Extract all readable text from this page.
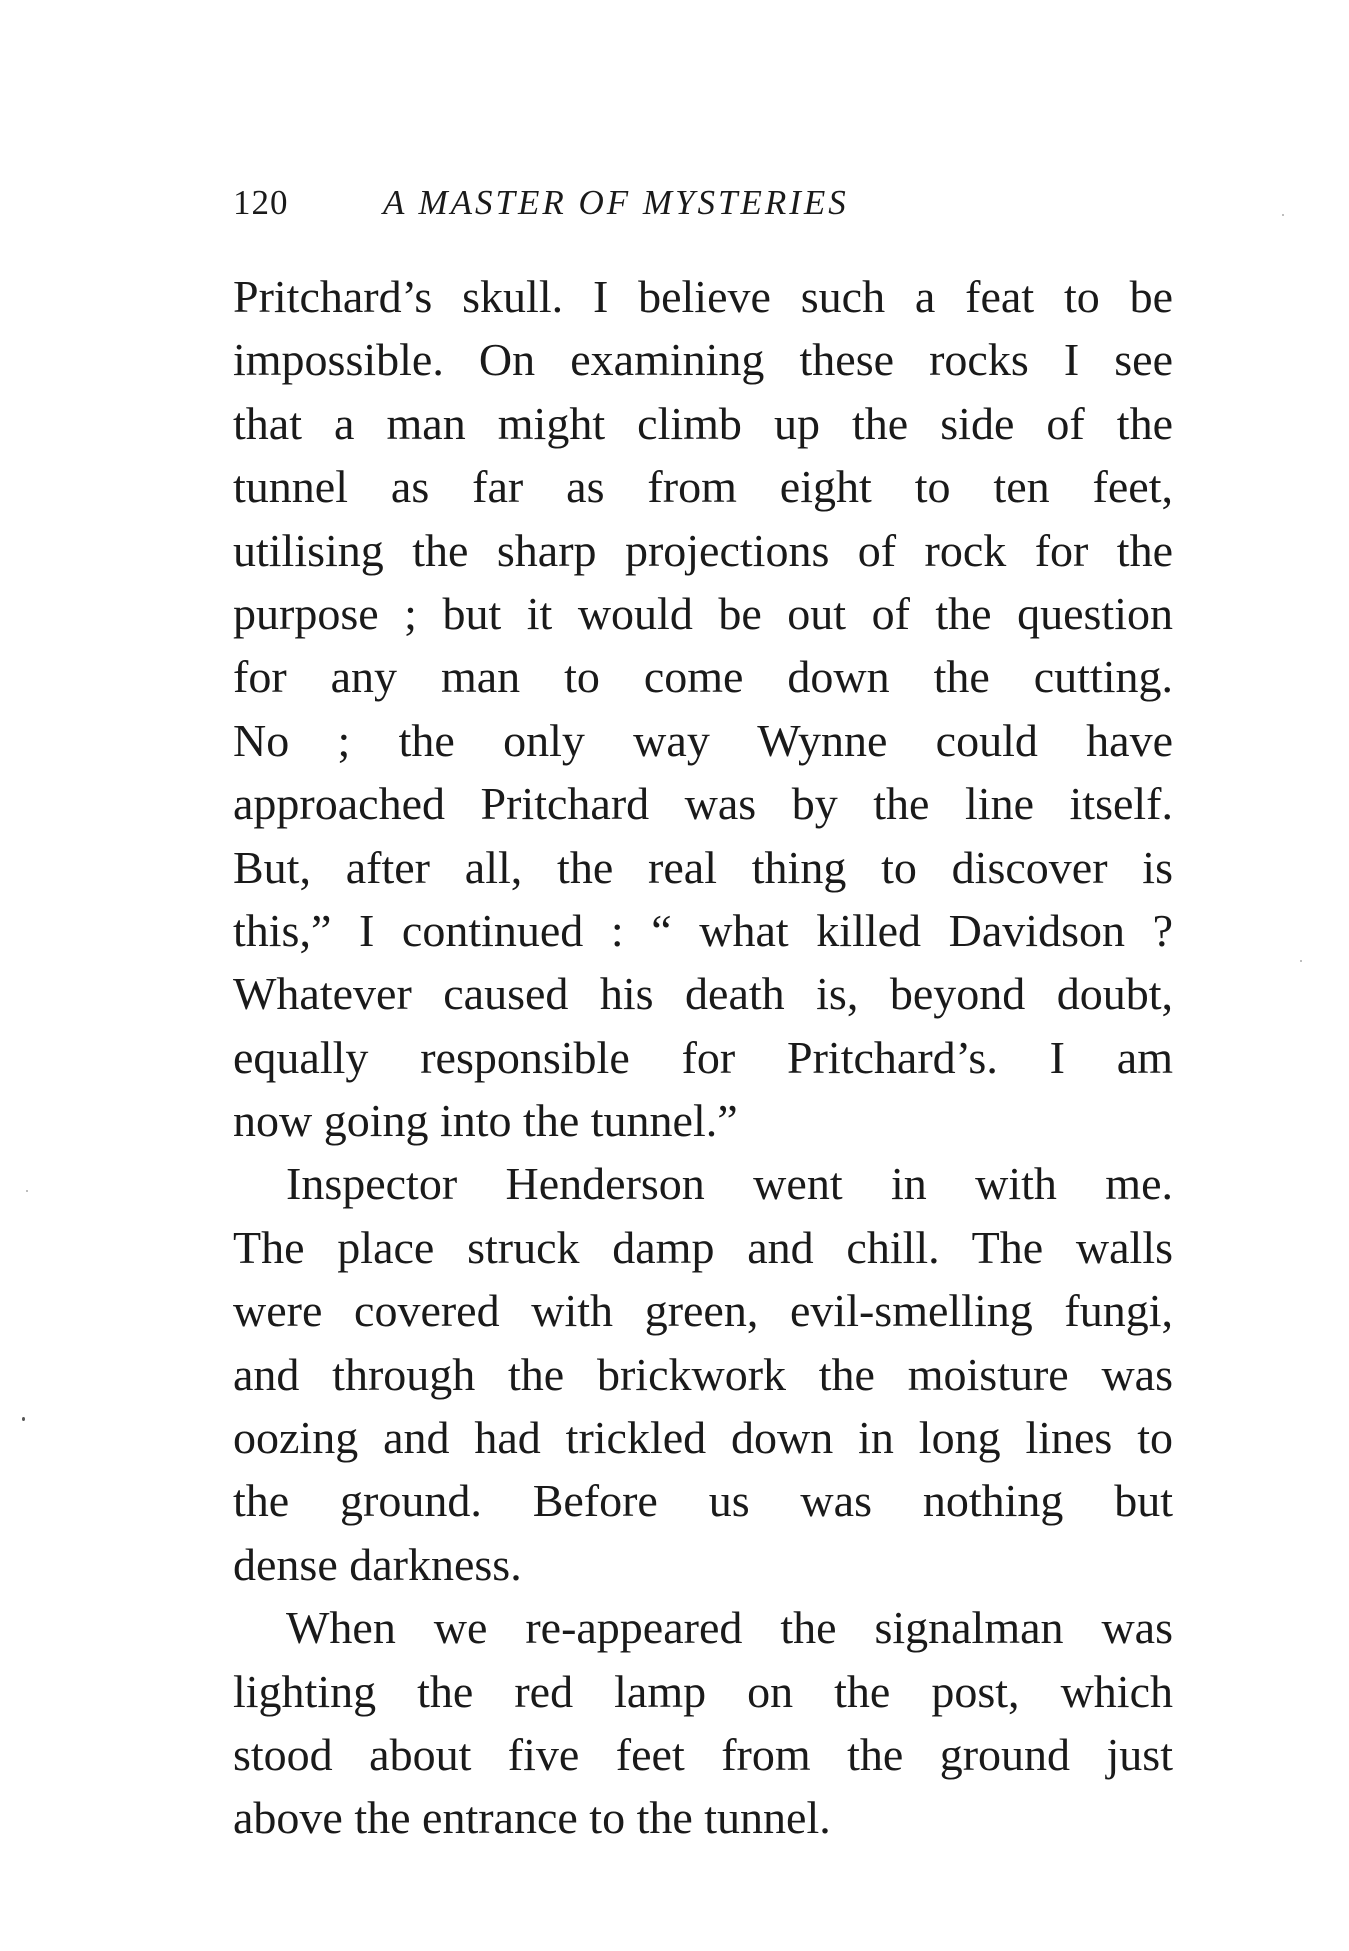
120	A MASTER OF MYSTERIES
Pritchard’s skull. I believe such a feat to be
impossible. On examining these rocks I see
that a man might climb up the side of the
tunnel as far as from eight to ten feet,
utilising the sharp projections of rock for the
purpose ; but it would be out of the question
for any man to come down the cutting.
No ; the only way Wynne could have
approached Pritchard was by the line itself.
But, after all, the real thing to discover is
this,” I continued : “ what killed Davidson ?
Whatever caused his death is, beyond doubt,
equally responsible for Pritchard’s. I am
now going into the tunnel.”
Inspector Henderson went in with me.
The place struck damp and chill. The walls
were covered with green, evil-smelling fungi,
and through the brickwork the moisture was
oozing and had trickled down in long lines to
the ground. Before us was nothing but
dense darkness.
When we re-appeared the signalman was
lighting the red lamp on the post, which
stood about five feet from the ground just
above the entrance to the tunnel.
